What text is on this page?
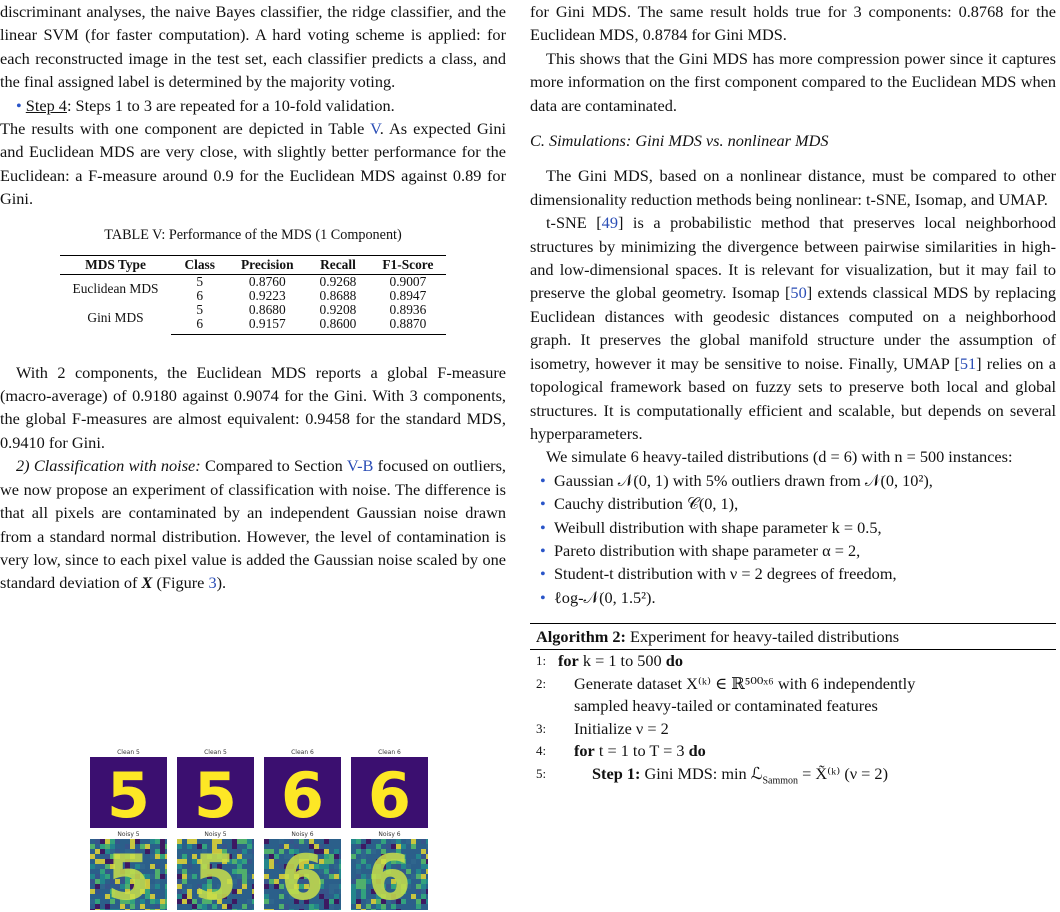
discriminant analyses, the naive Bayes classifier, the ridge classifier, and the linear SVM (for faster computation). A hard voting scheme is applied: for each reconstructed image in the test set, each classifier predicts a class, and the final assigned label is determined by the majority voting.

• Step 4: Steps 1 to 3 are repeated for a 10-fold validation.

The results with one component are depicted in Table V. As expected Gini and Euclidean MDS are very close, with slightly better performance for the Euclidean: a F-measure around 0.9 for the Euclidean MDS against 0.89 for Gini.

TABLE V: Performance of the MDS (1 Component)
MDS Type	Class	Precision	Recall	F1-Score
Euclidean MDS	5	0.8760	0.9268	0.9007
	6	0.9223	0.8688	0.8947
Gini MDS	5	0.8680	0.9208	0.8936
	6	0.9157	0.8600	0.8870

With 2 components, the Euclidean MDS reports a global F-measure (macro-average) of 0.9180 against 0.9074 for the Gini. With 3 components, the global F-measures are almost equivalent: 0.9458 for the standard MDS, 0.9410 for Gini.

2) Classification with noise: Compared to Section V-B focused on outliers, we now propose an experiment of classification with noise. The difference is that all pixels are contaminated by an independent Gaussian noise drawn from a standard normal distribution. However, the level of contamination is very low, since to each pixel value is added the Gaussian noise scaled by one standard deviation of X (Figure 3).

Clean 5
5
Clean 5
5
Clean 6
6
Clean 6
6
Noisy 5
5
Noisy 5
5
Noisy 6
6
Noisy 6
6

for Gini MDS. The same result holds true for 3 components: 0.8768 for the Euclidean MDS, 0.8784 for Gini MDS.

This shows that the Gini MDS has more compression power since it captures more information on the first component compared to the Euclidean MDS when data are contaminated.

C. Simulations: Gini MDS vs. nonlinear MDS

The Gini MDS, based on a nonlinear distance, must be compared to other dimensionality reduction methods being nonlinear: t-SNE, Isomap, and UMAP.

t-SNE [49] is a probabilistic method that preserves local neighborhood structures by minimizing the divergence between pairwise similarities in high- and low-dimensional spaces. It is relevant for visualization, but it may fail to preserve the global geometry. Isomap [50] extends classical MDS by replacing Euclidean distances with geodesic distances computed on a neighborhood graph. It preserves the global manifold structure under the assumption of isometry, however it may be sensitive to noise. Finally, UMAP [51] relies on a topological framework based on fuzzy sets to preserve both local and global structures. It is computationally efficient and scalable, but depends on several hyperparameters.

We simulate 6 heavy-tailed distributions (d = 6) with n = 500 instances:

• Gaussian 𝒩(0, 1) with 5% outliers drawn from 𝒩(0, 10²),
• Cauchy distribution 𝒞(0, 1),
• Weibull distribution with shape parameter k = 0.5,
• Pareto distribution with shape parameter α = 2,
• Student-t distribution with ν = 2 degrees of freedom,
• ℓog-𝒩(0, 1.5²).
Algorithm 2: Experiment for heavy-tailed distributions
1: for k = 1 to 500 do
2: Generate dataset X⁽ᵏ⁾ ∈ ℝ⁵⁰⁰ˣ⁶ with 6 independently
sampled heavy-tailed or contaminated features
3: Initialize ν = 2
4: for t = 1 to T = 3 do
5:	Step 1: Gini MDS: min ℒ$_{Sammon}$ = X̃⁽ᵏ⁾ (ν = 2)
